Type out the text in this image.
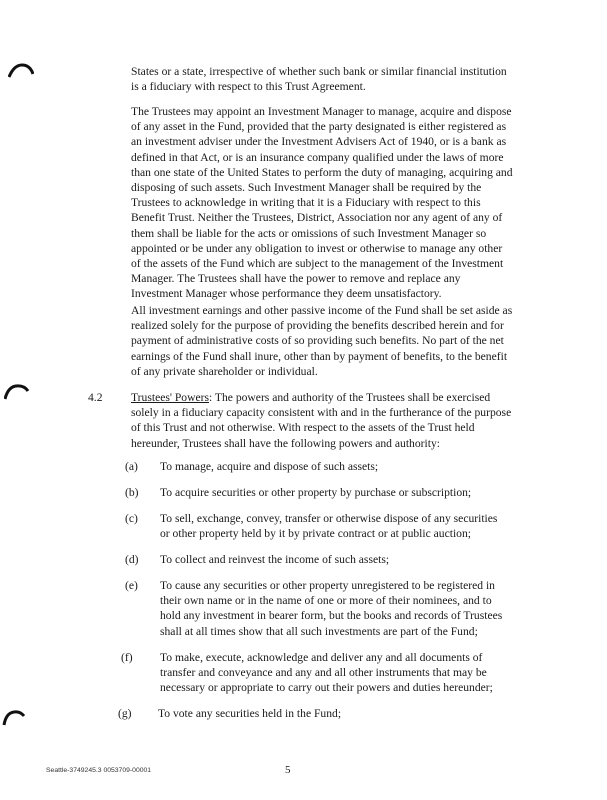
States or a state, irrespective of whether such bank or similar financial institution
is a fiduciary with respect to this Trust Agreement.

The Trustees may appoint an Investment Manager to manage, acquire and dispose
of any asset in the Fund, provided that the party designated is either registered as
an investment adviser under the Investment Advisers Act of 1940, or is a bank as
defined in that Act, or is an insurance company qualified under the laws of more
than one state of the United States to perform the duty of managing, acquiring and
disposing of such assets. Such Investment Manager shall be required by the
Trustees to acknowledge in writing that it is a Fiduciary with respect to this
Benefit Trust. Neither the Trustees, District, Association nor any agent of any of
them shall be liable for the acts or omissions of such Investment Manager so
appointed or be under any obligation to invest or otherwise to manage any other
of the assets of the Fund which are subject to the management of the Investment
Manager. The Trustees shall have the power to remove and replace any
Investment Manager whose performance they deem unsatisfactory.

All investment earnings and other passive income of the Fund shall be set aside as
realized solely for the purpose of providing the benefits described herein and for
payment of administrative costs of so providing such benefits. No part of the net
earnings of the Fund shall inure, other than by payment of benefits, to the benefit
of any private shareholder or individual.

4.2 Trustees' Powers: The powers and authority of the Trustees shall be exercised
solely in a fiduciary capacity consistent with and in the furtherance of the purpose
of this Trust and not otherwise. With respect to the assets of the Trust held
hereunder, Trustees shall have the following powers and authority:
(a) To manage, acquire and dispose of such assets;
(b) To acquire securities or other property by purchase or subscription;
(c) To sell, exchange, convey, transfer or otherwise dispose of any securities
or other property held by it by private contract or at public auction;
(d) To collect and reinvest the income of such assets;
(e) To cause any securities or other property unregistered to be registered in
their own name or in the name of one or more of their nominees, and to
hold any investment in bearer form, but the books and records of Trustees
shall at all times show that all such investments are part of the Fund;
(f) To make, execute, acknowledge and deliver any and all documents of
transfer and conveyance and any and all other instruments that may be
necessary or appropriate to carry out their powers and duties hereunder;
(g) To vote any securities held in the Fund;
Seattle-3749245.3 0053709-00001	5
